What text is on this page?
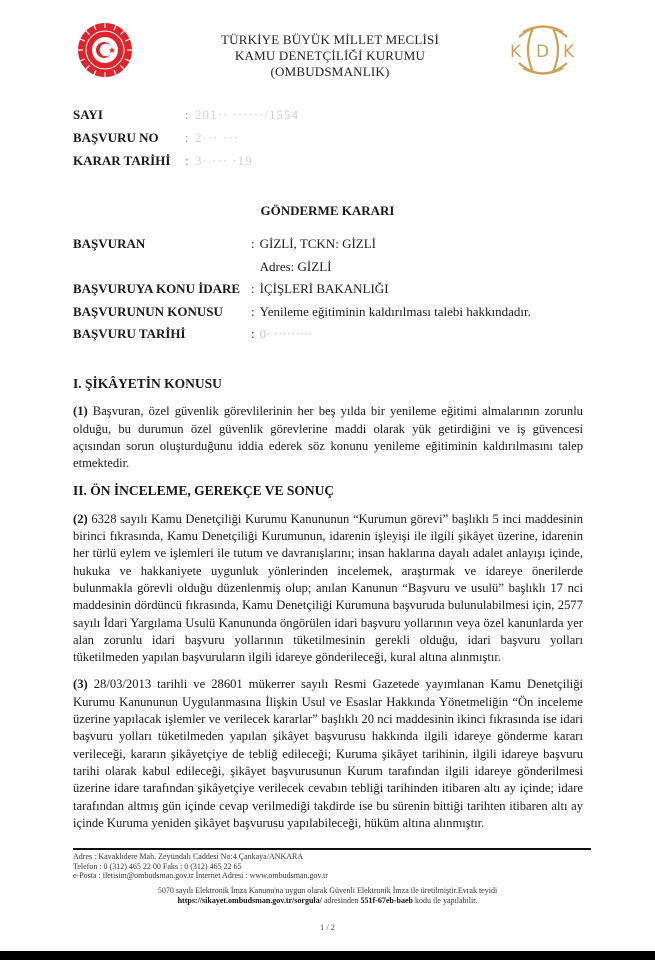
TÜRKİYE BÜYÜK MİLLET MECLİSİ
KAMU DENETÇİLİĞİ KURUMU
(OMBUDSMANLIK)
K D K
SAYI	: 201·· ······/1554
BAŞVURU NO	: 2··· ···
KARAR TARİHİ	: 3· ··· ·19
GÖNDERME KARARI
BAŞVURAN	: GİZLİ, TCKN: GİZLİ
Adres: GİZLİ
BAŞVURUYA KONU İDARE : İÇİŞLERİ BAKANLIĞI
BAŞVURUNUN KONUSU	: Yenileme eğitiminin kaldırılması talebi hakkındadır.
BAŞVURU TARİHİ	: 0· ·········
I. ŞİKÂYETİN KONUSU

(1) Başvuran, özel güvenlik görevlilerinin her beş yılda bir yenileme eğitimi almalarının zorunlu olduğu, bu durumun özel güvenlik görevlerine maddi olarak yük getirdiğini ve iş güvencesi açısından sorun oluşturduğunu iddia ederek söz konunu yenileme eğitiminin kaldırılmasını talep etmektedir.

II. ÖN İNCELEME, GEREKÇE VE SONUÇ

(2) 6328 sayılı Kamu Denetçiliği Kurumu Kanununun “Kurumun görevi” başlıklı 5 inci maddesinin birinci fıkrasında, Kamu Denetçiliği Kurumunun, idarenin işleyişi ile ilgili şikâyet üzerine, idarenin her türlü eylem ve işlemleri ile tutum ve davranışlarını; insan haklarına dayalı adalet anlayışı içinde, hukuka ve hakkaniyete uygunluk yönlerinden incelemek, araştırmak ve idareye önerilerde bulunmakla görevli olduğu düzenlenmiş olup; anılan Kanunun “Başvuru ve usulü” başlıklı 17 nci maddesinin dördüncü fıkrasında, Kamu Denetçiliği Kurumuna başvuruda bulunulabilmesi için, 2577 sayılı İdari Yargılama Usulü Kanununda öngörülen idari başvuru yollarının veya özel kanunlarda yer alan zorunlu idari başvuru yollarının tüketilmesinin gerekli olduğu, idari başvuru yolları tüketilmeden yapılan başvuruların ilgili idareye gönderileceği, kural altına alınmıştır.

(3) 28/03/2013 tarihli ve 28601 mükerrer sayılı Resmi Gazetede yayımlanan Kamu Denetçiliği Kurumu Kanununun Uygulanmasına İlişkin Usul ve Esaslar Hakkında Yönetmeliğin “Ön inceleme üzerine yapılacak işlemler ve verilecek kararlar” başlıklı 20 nci maddesinin ikinci fıkrasında ise idari başvuru yolları tüketilmeden yapılan şikâyet başvurusu hakkında ilgili idareye gönderme kararı verileceği, kararın şikâyetçiye de tebliğ edileceği; Kuruma şikâyet tarihinin, ilgili idareye başvuru tarihi olarak kabul edileceği, şikâyet başvurusunun Kurum tarafından ilgili idareye gönderilmesi üzerine idare tarafından şikâyetçiye verilecek cevabın tebliği tarihinden itibaren altı ay içinde; idare tarafından altmış gün içinde cevap verilmediği takdirde ise bu sürenin bittiği tarihten itibaren altı ay içinde Kuruma yeniden şikâyet başvurusu yapılabileceği, hüküm altına alınmıştır.

Adres : Kavaklıdere Mah. Zeytindalı Caddesi No:4 Çankaya/ANKARA
Telefon : 0 (312) 465 22 00 Faks : 0 (312) 465 22 65
e-Posta : iletisim@ombudsman.gov.tr İnternet Adresi : www.ombudsman.gov.tr
5070 sayılı Elektronik İmza Kanunu'na uygun olarak Güvenli Elektronik İmza ile üretilmiştir.Evrak teyidi
https://sikayet.ombudsman.gov.tr/sorgula/ adresinden 551f-67eb-baeb kodu ile yapılabilir.
1 / 2
